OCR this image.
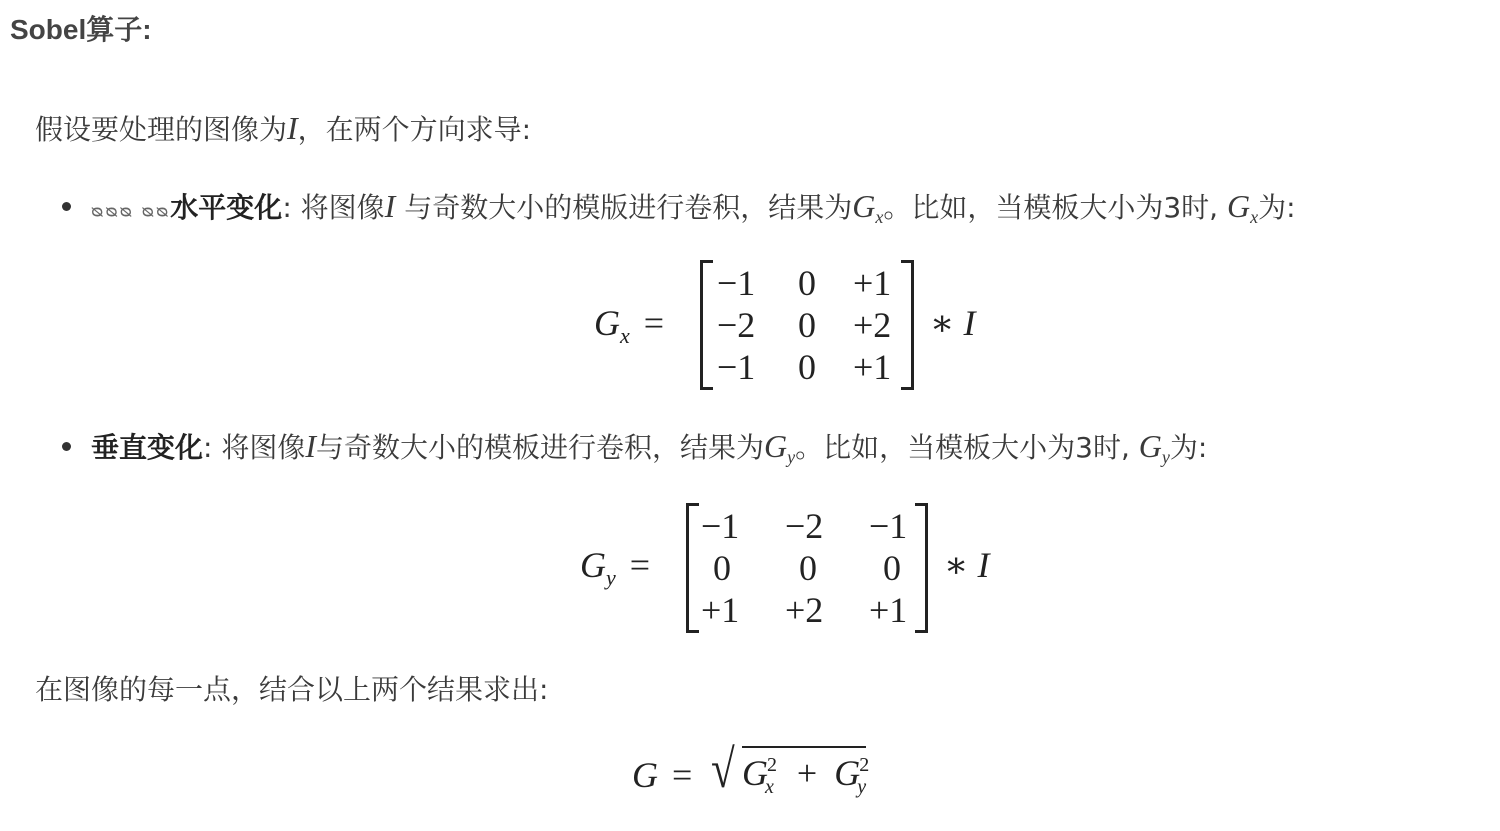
Sobel算子:
假设要处理的图像为I，在两个方向求导:
ᴓᴓᴓ ᴓᴓ水平变化: 将图像I 与奇数大小的模版进行卷积，结果为$G_x$。比如，当模板大小为3时, $G_x$为:
$G_x$ =
−1 0 +1
−2 0 +2
−1 0 +1
∗ I
垂直变化: 将图像I与奇数大小的模板进行卷积，结果为$G_y$。比如，当模板大小为3时, $G_y$为:
$G_y$ =
−1 −2 −1
0 0 0
+1 +2 +1
∗ I
在图像的每一点，结合以上两个结果求出:
G = √ $G^2_x + G^2_y$
